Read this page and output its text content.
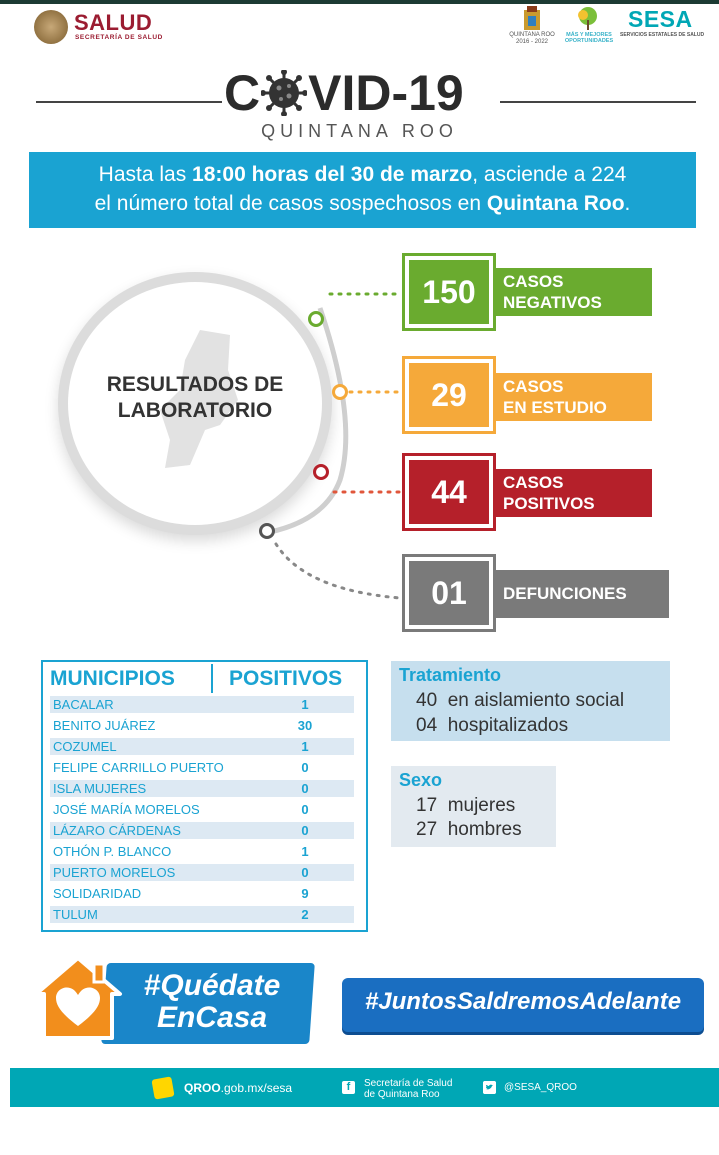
SALUD
SECRETARÍA DE SALUD	QUINTANA ROO
2016 - 2022
MÁS Y MEJORES
OPORTUNIDADES
SESA
SERVICIOS ESTATALES DE SALUD
C VID-19
QUINTANA ROO
Hasta las 18:00 horas del 30 de marzo, asciende a 224
el número total de casos sospechosos en Quintana Roo.
RESULTADOS DE
LABORATORIO
CASOS
NEGATIVOS
150
CASOS
EN ESTUDIO
29
CASOS
POSITIVOS
44
DEFUNCIONES
01
MUNICIPIOS	POSITIVOS
BACALAR	1
BENITO JUÁREZ	30
COZUMEL	1
FELIPE CARRILLO PUERTO	0
ISLA MUJERES	0
JOSÉ MARÍA MORELOS	0
LÁZARO CÁRDENAS	0
OTHÓN P. BLANCO	1
PUERTO MORELOS	0
SOLIDARIDAD	9
TULUM	2
Tratamiento
40  en aislamiento social
04  hospitalizados
Sexo
17  mujeres
27  hombres
#Quédate
EnCasa	#JuntosSaldremosAdelante
QROO.gob.mx/sesa	f	Secretaría de Salud
de Quintana Roo
@SESA_QROO
